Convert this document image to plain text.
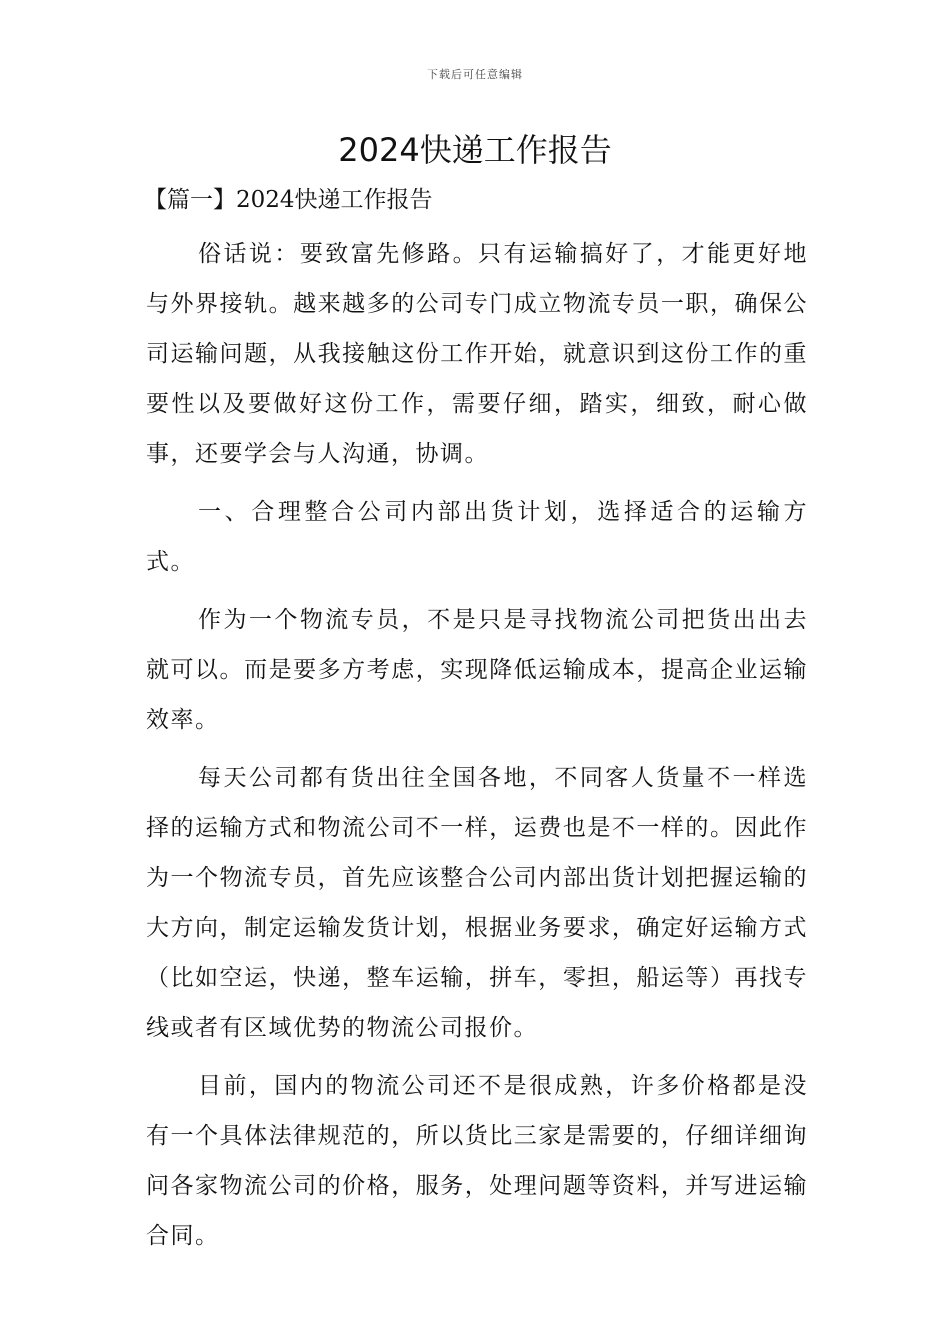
下载后可任意编辑
2024快递工作报告

【篇一】2024快递工作报告

俗话说：要致富先修路。只有运输搞好了，才能更好地与外界接轨。越来越多的公司专门成立物流专员一职，确保公司运输问题，从我接触这份工作开始，就意识到这份工作的重要性以及要做好这份工作，需要仔细，踏实，细致，耐心做事，还要学会与人沟通，协调。

一、合理整合公司内部出货计划，选择适合的运输方式。

作为一个物流专员，不是只是寻找物流公司把货出出去就可以。而是要多方考虑，实现降低运输成本，提高企业运输效率。

每天公司都有货出往全国各地，不同客人货量不一样选择的运输方式和物流公司不一样，运费也是不一样的。因此作为一个物流专员，首先应该整合公司内部出货计划把握运输的大方向，制定运输发货计划，根据业务要求，确定好运输方式（比如空运，快递，整车运输，拼车，零担，船运等）再找专线或者有区域优势的物流公司报价。

目前，国内的物流公司还不是很成熟，许多价格都是没有一个具体法律规范的，所以货比三家是需要的，仔细详细询问各家物流公司的价格，服务，处理问题等资料，并写进运输合同。
